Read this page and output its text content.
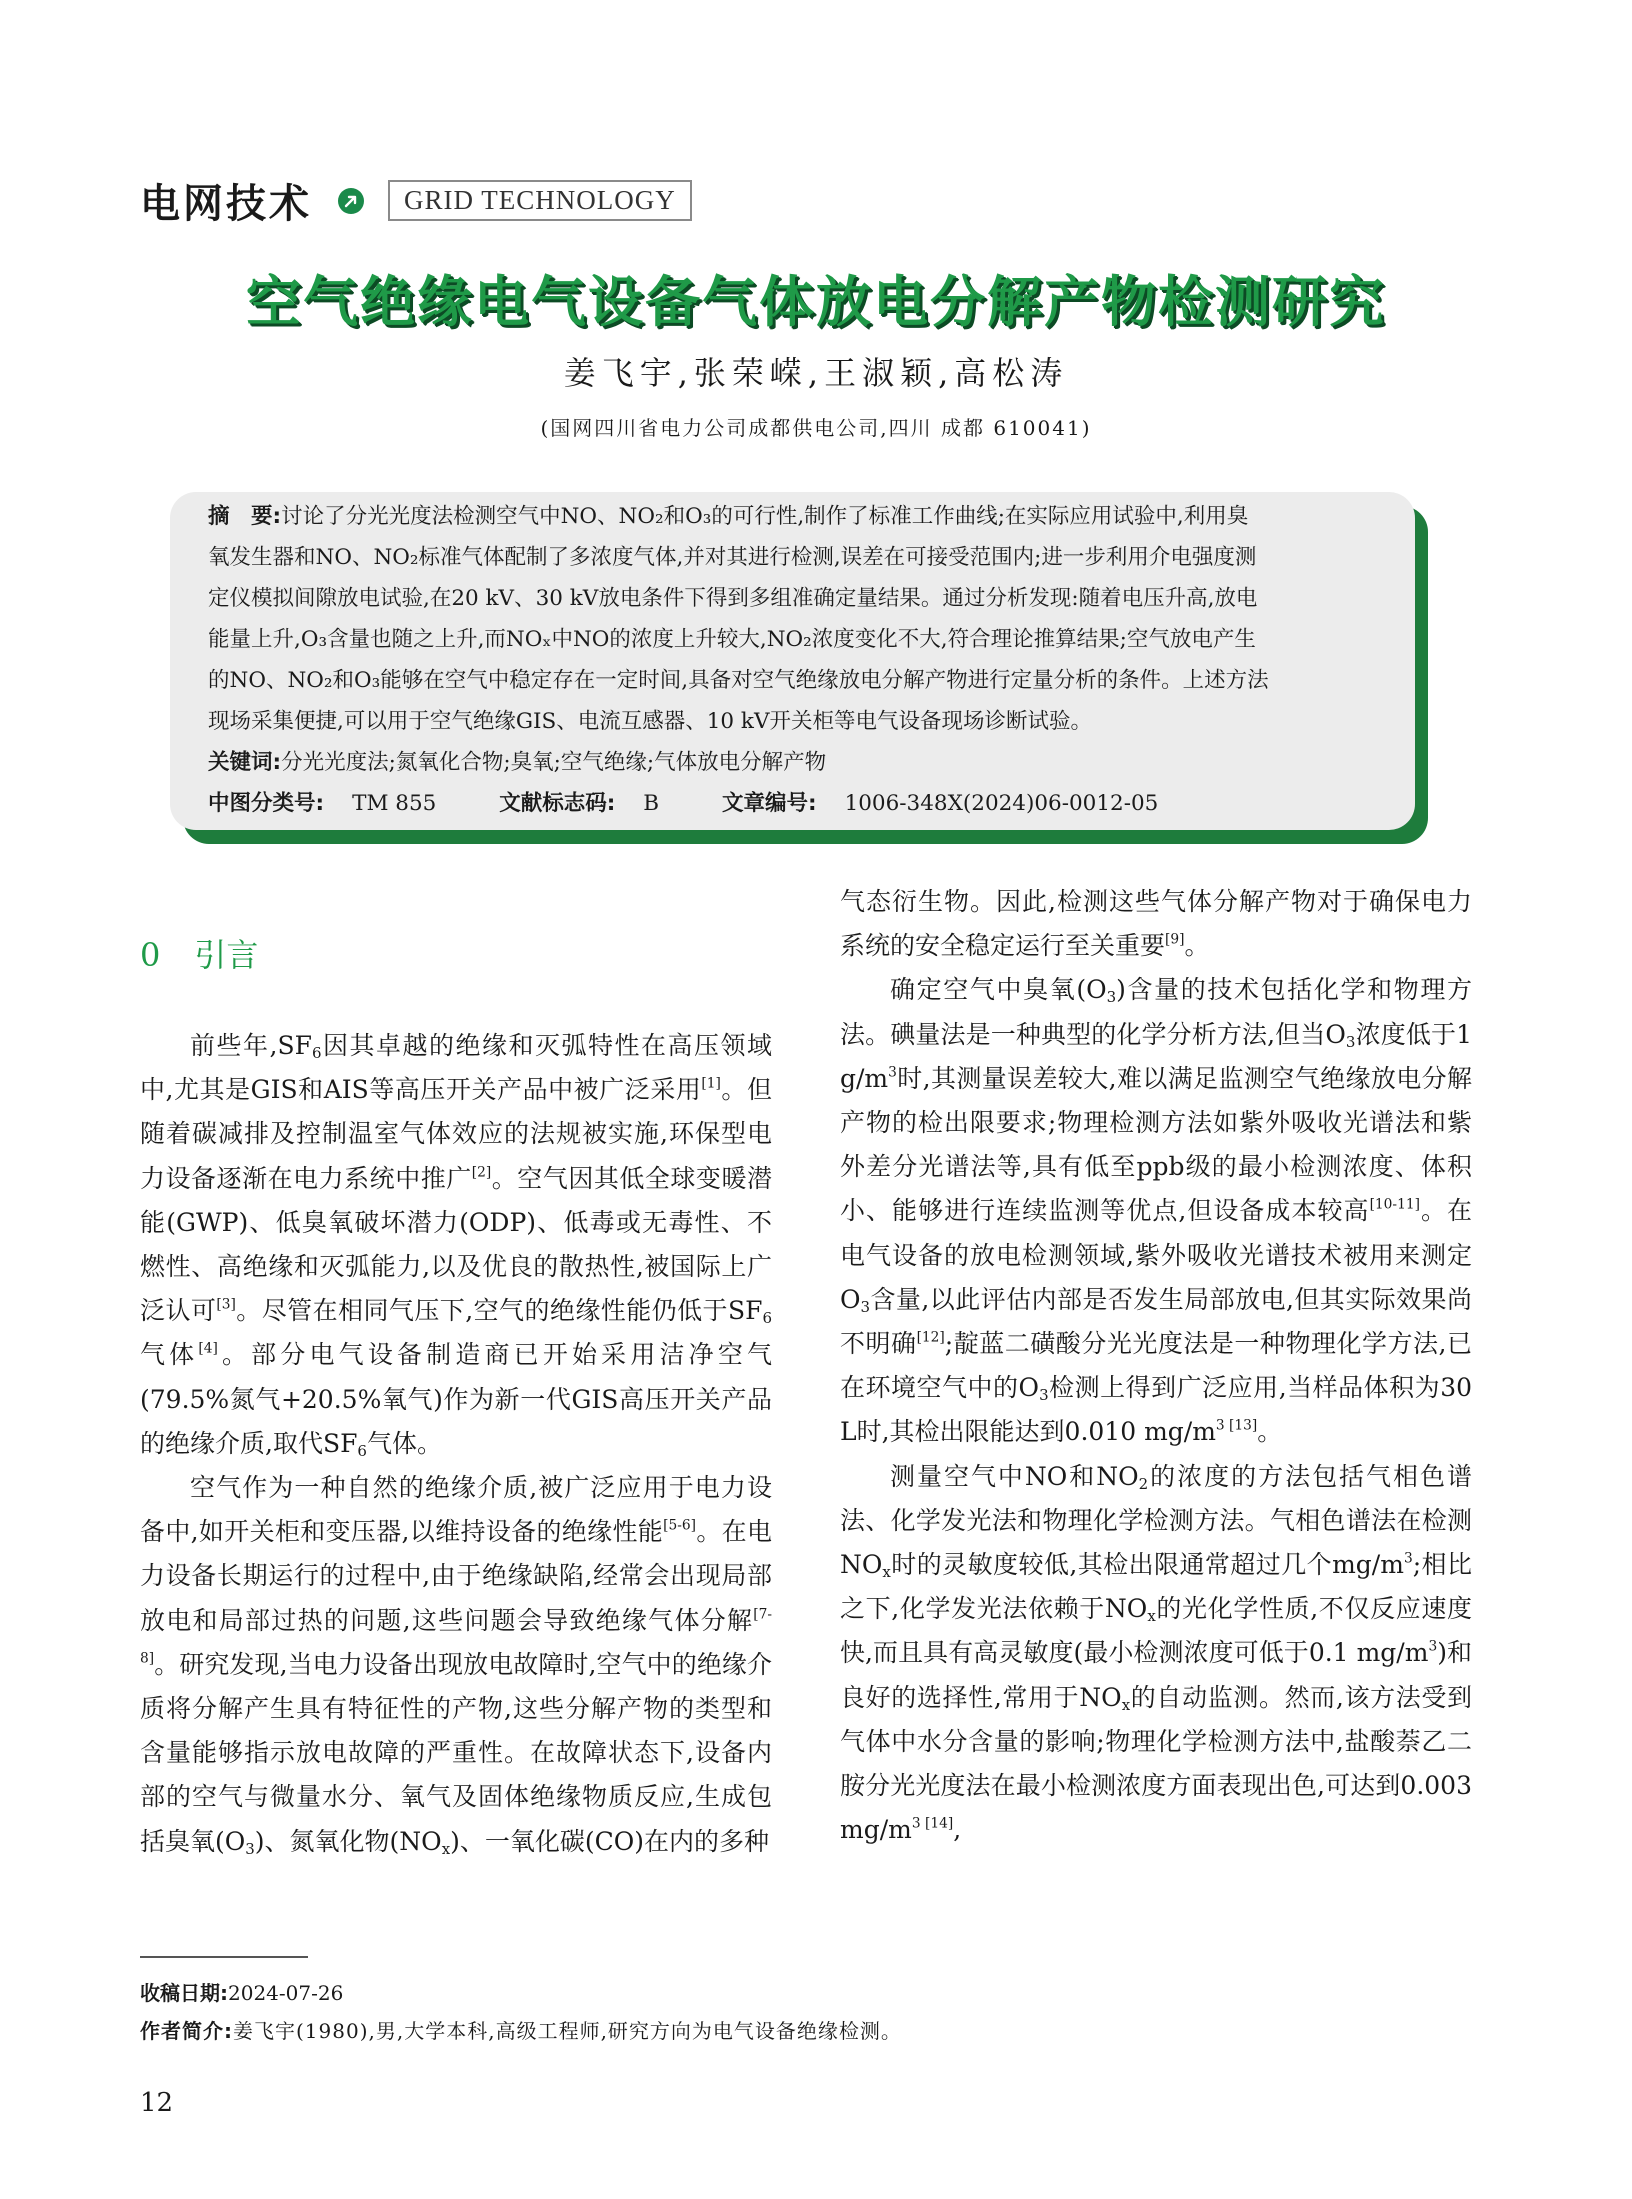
电网技术	GRID TECHNOLOGY
空气绝缘电气设备气体放电分解产物检测研究
姜飞宇,张荣嵘,王淑颖,高松涛
(国网四川省电力公司成都供电公司,四川 成都 610041)
摘　要:讨论了分光光度法检测空气中NO、NO₂和O₃的可行性,制作了标准工作曲线;在实际应用试验中,利用臭
氧发生器和NO、NO₂标准气体配制了多浓度气体,并对其进行检测,误差在可接受范围内;进一步利用介电强度测
定仪模拟间隙放电试验,在20 kV、30 kV放电条件下得到多组准确定量结果。通过分析发现:随着电压升高,放电
能量上升,O₃含量也随之上升,而NOₓ中NO的浓度上升较大,NO₂浓度变化不大,符合理论推算结果;空气放电产生
的NO、NO₂和O₃能够在空气中稳定存在一定时间,具备对空气绝缘放电分解产物进行定量分析的条件。上述方法
现场采集便捷,可以用于空气绝缘GIS、电流互感器、10 kV开关柜等电气设备现场诊断试验。
关键词:分光光度法;氮氧化合物;臭氧;空气绝缘;气体放电分解产物
中图分类号: TM 855	文献标志码: B	文章编号: 1006-348X(2024)06-0012-05
0 引言

前些年$,SF_6$因其卓越的绝缘和灭弧特性在高压领域中,尤其是GIS和AIS等高压开关产品中被广泛采用[1]。但随着碳减排及控制温室气体效应的法规被实施,环保型电力设备逐渐在电力系统中推广[2]。空气因其低全球变暖潜能(GWP)、低臭氧破坏潜力(ODP)、低毒或无毒性、不燃性、高绝缘和灭弧能力,以及优良的散热性,被国际上广泛认可[3]。尽管在相同气压下,空气的绝缘性能仍低于$SF_6$气体[4]。部分电气设备制造商已开始采用洁净空气(79.5%氮气+20.5%氧气)作为新一代GIS高压开关产品的绝缘介质,取代$SF_6$气体。

空气作为一种自然的绝缘介质,被广泛应用于电力设备中,如开关柜和变压器,以维持设备的绝缘性能[5-6]。在电力设备长期运行的过程中,由于绝缘缺陷,经常会出现局部放电和局部过热的问题,这些问题会导致绝缘气体分解[7-8]。研究发现,当电力设备出现放电故障时,空气中的绝缘介质将分解产生具有特征性的产物,这些分解产物的类型和含量能够指示放电故障的严重性。在故障状态下,设备内部的空气与微量水分、氧气及固体绝缘物质反应,生成包括臭氧$(O_3)$、氮氧化物$(NO_x)$、一氧化碳(CO)在内的多种

气态衍生物。因此,检测这些气体分解产物对于确保电力系统的安全稳定运行至关重要[9]。

确定空气中臭氧$(O_3)$含量的技术包括化学和物理方法。碘量法是一种典型的化学分析方法,但当$O_3$浓度低于1 $g/m^3$时,其测量误差较大,难以满足监测空气绝缘放电分解产物的检出限要求;物理检测方法如紫外吸收光谱法和紫外差分光谱法等,具有低至ppb级的最小检测浓度、体积小、能够进行连续监测等优点,但设备成本较高[10-11]。在电气设备的放电检测领域,紫外吸收光谱技术被用来测定$O_3$含量,以此评估内部是否发生局部放电,但其实际效果尚不明确[12];靛蓝二磺酸分光光度法是一种物理化学方法,已在环境空气中的$O_3$检测上得到广泛应用,当样品体积为30 L时,其检出限能达到0.010 $mg/m^{3 [13]}$。

测量空气中NO和$NO_2$的浓度的方法包括气相色谱法、化学发光法和物理化学检测方法。气相色谱法在检测$NO_x$时的灵敏度较低,其检出限通常超过几个$mg/m^3$;相比之下,化学发光法依赖于$NO_x$的光化学性质,不仅反应速度快,而且具有高灵敏度(最小检测浓度可低于0.1 $mg/m^3$)和良好的选择性,常用于$NO_x$的自动监测。然而,该方法受到气体中水分含量的影响;物理化学检测方法中,盐酸萘乙二胺分光光度法在最小检测浓度方面表现出色,可达到0.003 $mg/m^{3 [14]}$,

收稿日期:2024-07-26
作者简介:姜飞宇(1980),男,大学本科,高级工程师,研究方向为电气设备绝缘检测。
12
